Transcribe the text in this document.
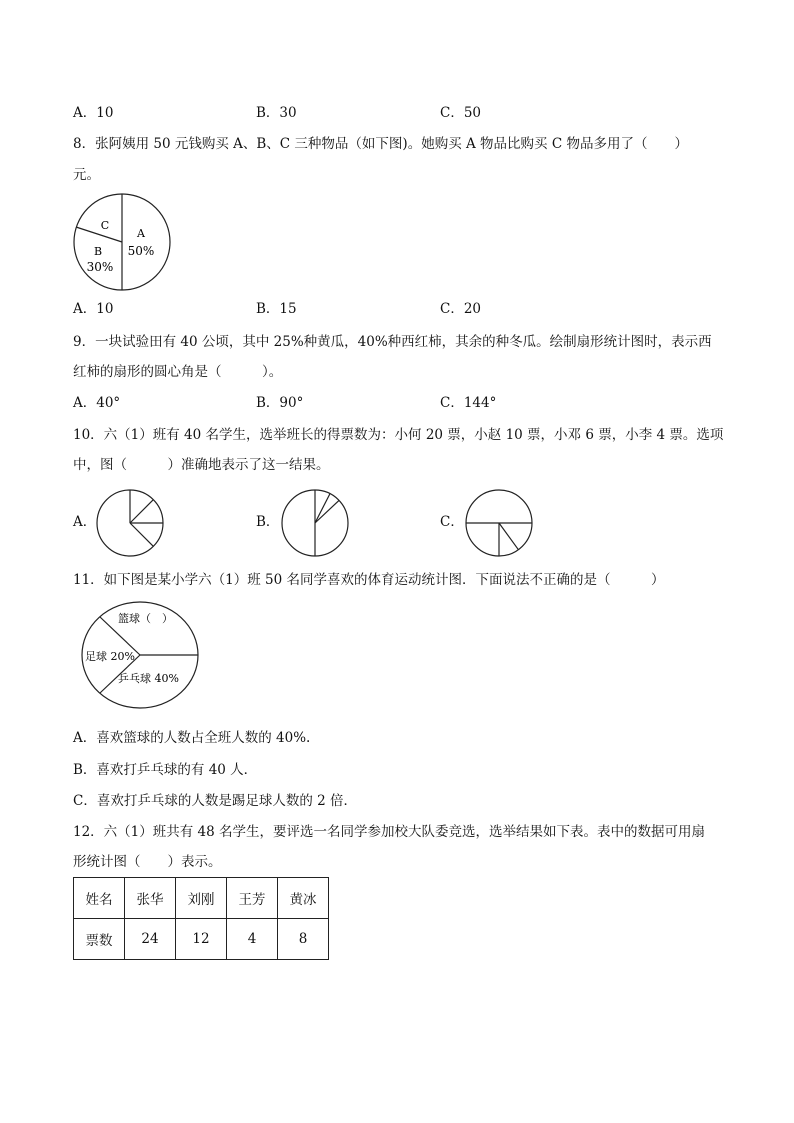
A．10	B．30	C．50
8．张阿姨用 50 元钱购买 A、B、C 三种物品（如下图)。她购买 A 物品比购买 C 物品多用了（　　）
元。
C
A
50%
B
30%
A．10	B．15	C．20
9．一块试验田有 40 公顷，其中 25%种黄瓜，40%种西红柿，其余的种冬瓜。绘制扇形统计图时，表示西
红柿的扇形的圆心角是（　　　）。
A．40°	B．90°	C．144°
10．六（1）班有 40 名学生，选举班长的得票数为：小何 20 票，小赵 10 票，小邓 6 票，小李 4 票。选项
中，图（　　　）准确地表示了这一结果。
A．	B．	C．
11．如下图是某小学六（1）班 50 名同学喜欢的体育运动统计图．下面说法不正确的是（　　　）
篮球（　）
足球 20%
乒乓球 40%
A．喜欢篮球的人数占全班人数的 40%.
B．喜欢打乒乓球的有 40 人．
C．喜欢打乒乓球的人数是踢足球人数的 2 倍．
12．六（1）班共有 48 名学生，要评选一名同学参加校大队委竞选，选举结果如下表。表中的数据可用扇
形统计图（　　）表示。
姓名	张华	刘刚	王芳	黄冰
票数	24	12	4	8
